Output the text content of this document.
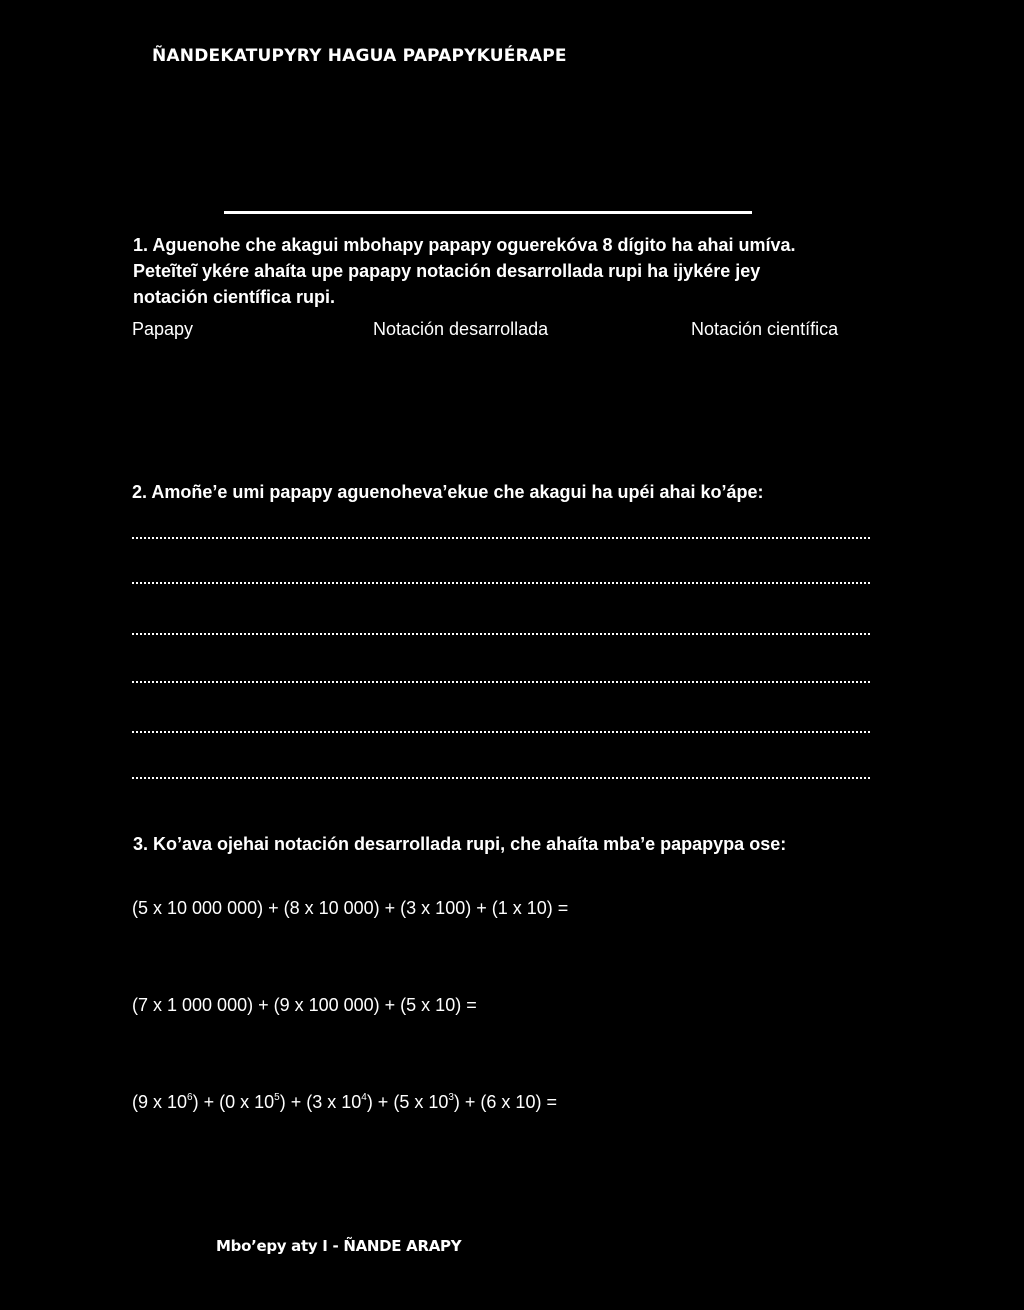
ÑANDEKATUPYRY HAGUA PAPAPYKUÉRAPE
1. Aguenohe che akagui mbohapy papapy oguerekóva 8 dígito ha ahai umíva.
Peteĩteĩ ykére ahaíta upe papapy notación desarrollada rupi ha ijykére jey
notación científica rupi.
Papapy	Notación desarrollada	Notación científica
2. Amoñe’e umi papapy aguenoheva’ekue che akagui ha upéi ahai ko’ápe:
3. Ko’ava ojehai notación desarrollada rupi, che ahaíta mba’e papapypa ose:
(5 x 10 000 000) + (8 x 10 000) + (3 x 100) + (1 x 10) =
(7 x 1 000 000) + (9 x 100 000) + (5 x 10) =
(9 x $10^6) + (0$ x $10^5) + (3$ x $10^4) + (5$ x $10^3) + (6$ x 10) =
Mbo’epy aty I - ÑANDE ARAPY
